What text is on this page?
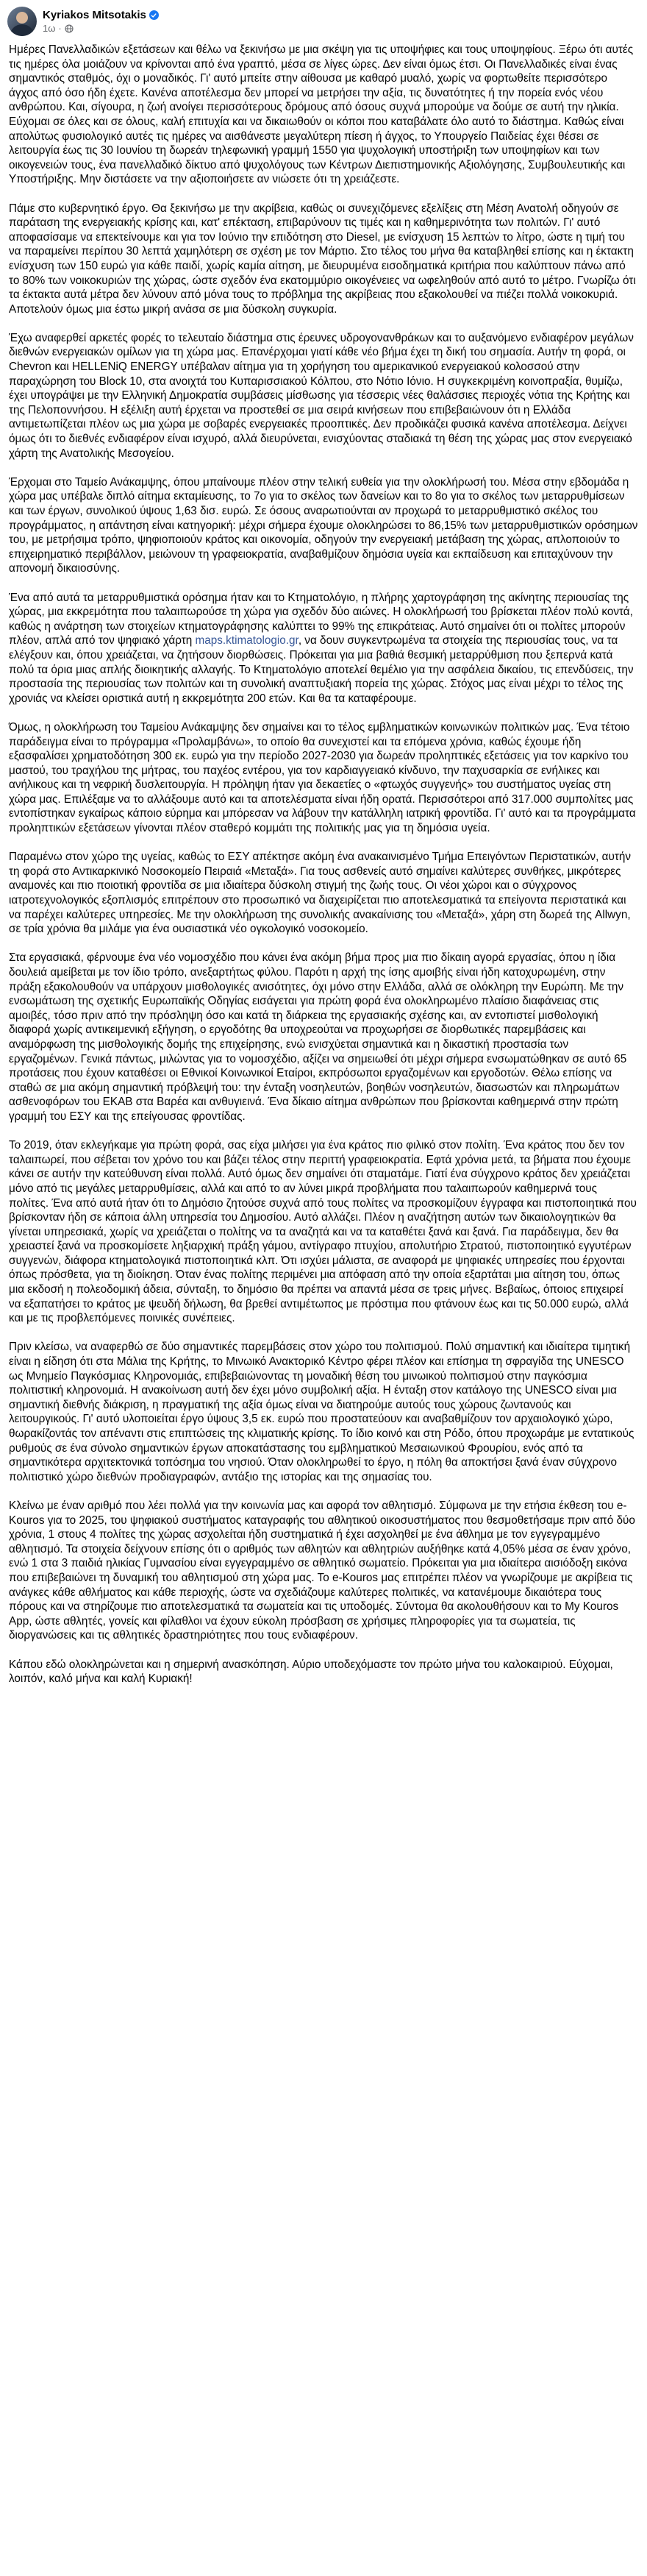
Kyriakos Mitsotakis
1ω ·

Ημέρες Πανελλαδικών εξετάσεων και θέλω να ξεκινήσω με μια σκέψη για τις υποψήφιες και τους υποψηφίους. Ξέρω ότι αυτές τις ημέρες όλα μοιάζουν να κρίνονται από ένα γραπτό, μέσα σε λίγες ώρες. Δεν είναι όμως έτσι. Οι Πανελλαδικές είναι ένας σημαντικός σταθμός, όχι ο μοναδικός. Γι' αυτό μπείτε στην αίθουσα με καθαρό μυαλό, χωρίς να φορτωθείτε περισσότερο άγχος από όσο ήδη έχετε. Κανένα αποτέλεσμα δεν μπορεί να μετρήσει την αξία, τις δυνατότητες ή την πορεία ενός νέου ανθρώπου. Και, σίγουρα, η ζωή ανοίγει περισσότερους δρόμους από όσους συχνά μπορούμε να δούμε σε αυτή την ηλικία. Εύχομαι σε όλες και σε όλους, καλή επιτυχία και να δικαιωθούν οι κόποι που καταβάλατε όλο αυτό το διάστημα. Καθώς είναι απολύτως φυσιολογικό αυτές τις ημέρες να αισθάνεστε μεγαλύτερη πίεση ή άγχος, το Υπουργείο Παιδείας έχει θέσει σε λειτουργία έως τις 30 Ιουνίου τη δωρεάν τηλεφωνική γραμμή 1550 για ψυχολογική υποστήριξη των υποψηφίων και των οικογενειών τους, ένα πανελλαδικό δίκτυο από ψυχολόγους των Κέντρων Διεπιστημονικής Αξιολόγησης, Συμβουλευτικής και Υποστήριξης. Μην διστάσετε να την αξιοποιήσετε αν νιώσετε ότι τη χρειάζεστε.

Πάμε στο κυβερνητικό έργο. Θα ξεκινήσω με την ακρίβεια, καθώς οι συνεχιζόμενες εξελίξεις στη Μέση Ανατολή οδηγούν σε παράταση της ενεργειακής κρίσης και, κατ' επέκταση, επιβαρύνουν τις τιμές και η καθημερινότητα των πολιτών. Γι' αυτό αποφασίσαμε να επεκτείνουμε και για τον Ιούνιο την επιδότηση στο Diesel, με ενίσχυση 15 λεπτών το λίτρο, ώστε η τιμή του να παραμείνει περίπου 30 λεπτά χαμηλότερη σε σχέση με τον Μάρτιο. Στο τέλος του μήνα θα καταβληθεί επίσης και η έκτακτη ενίσχυση των 150 ευρώ για κάθε παιδί, χωρίς καμία αίτηση, με διευρυμένα εισοδηματικά κριτήρια που καλύπτουν πάνω από το 80% των νοικοκυριών της χώρας, ώστε σχεδόν ένα εκατομμύριο οικογένειες να ωφεληθούν από αυτό το μέτρο. Γνωρίζω ότι τα έκτακτα αυτά μέτρα δεν λύνουν από μόνα τους το πρόβλημα της ακρίβειας που εξακολουθεί να πιέζει πολλά νοικοκυριά. Αποτελούν όμως μια έστω μικρή ανάσα σε μια δύσκολη συγκυρία.

Έχω αναφερθεί αρκετές φορές το τελευταίο διάστημα στις έρευνες υδρογονανθράκων και το αυξανόμενο ενδιαφέρον μεγάλων διεθνών ενεργειακών ομίλων για τη χώρα μας. Επανέρχομαι γιατί κάθε νέο βήμα έχει τη δική του σημασία. Αυτήν τη φορά, οι Chevron και HELLENiQ ENERGY υπέβαλαν αίτημα για τη χορήγηση του αμερικανικού ενεργειακού κολοσσού στην παραχώρηση του Block 10, στα ανοιχτά του Κυπαρισσιακού Κόλπου, στο Νότιο Ιόνιο. Η συγκεκριμένη κοινοπραξία, θυμίζω, έχει υπογράψει με την Ελληνική Δημοκρατία συμβάσεις μίσθωσης για τέσσερις νέες θαλάσσιες περιοχές νότια της Κρήτης και της Πελοποννήσου. Η εξέλιξη αυτή έρχεται να προστεθεί σε μια σειρά κινήσεων που επιβεβαιώνουν ότι η Ελλάδα αντιμετωπίζεται πλέον ως μια χώρα με σοβαρές ενεργειακές προοπτικές. Δεν προδικάζει φυσικά κανένα αποτέλεσμα. Δείχνει όμως ότι το διεθνές ενδιαφέρον είναι ισχυρό, αλλά διευρύνεται, ενισχύοντας σταδιακά τη θέση της χώρας μας στον ενεργειακό χάρτη της Ανατολικής Μεσογείου.

Έρχομαι στο Ταμείο Ανάκαμψης, όπου μπαίνουμε πλέον στην τελική ευθεία για την ολοκλήρωσή του. Μέσα στην εβδομάδα η χώρα μας υπέβαλε διπλό αίτημα εκταμίευσης, το 7ο για το σκέλος των δανείων και το 8ο για το σκέλος των μεταρρυθμίσεων και των έργων, συνολικού ύψους 1,63 δισ. ευρώ. Σε όσους αναρωτιούνται αν προχωρά το μεταρρυθμιστικό σκέλος του προγράμματος, η απάντηση είναι κατηγορική: μέχρι σήμερα έχουμε ολοκληρώσει το 86,15% των μεταρρυθμιστικών ορόσημων του, με μετρήσιμα τρόπο, ψηφιοποιούν κράτος και οικονομία, οδηγούν την ενεργειακή μετάβαση της χώρας, απλοποιούν το επιχειρηματικό περιβάλλον, μειώνουν τη γραφειοκρατία, αναβαθμίζουν δημόσια υγεία και εκπαίδευση και επιταχύνουν την απονομή δικαιοσύνης.

Ένα από αυτά τα μεταρρυθμιστικά ορόσημα ήταν και το Κτηματολόγιο, η πλήρης χαρτογράφηση της ακίνητης περιουσίας της χώρας, μια εκκρεμότητα που ταλαιπωρούσε τη χώρα για σχεδόν δύο αιώνες. Η ολοκλήρωσή του βρίσκεται πλέον πολύ κοντά, καθώς η ανάρτηση των στοιχείων κτηματογράφησης καλύπτει το 99% της επικράτειας. Αυτό σημαίνει ότι οι πολίτες μπορούν πλέον, απλά από τον ψηφιακό χάρτη maps.ktimatologio.gr, να δουν συγκεντρωμένα τα στοιχεία της περιουσίας τους, να τα ελέγξουν και, όπου χρειάζεται, να ζητήσουν διορθώσεις. Πρόκειται για μια βαθιά θεσμική μεταρρύθμιση που ξεπερνά κατά πολύ τα όρια μιας απλής διοικητικής αλλαγής. Το Κτηματολόγιο αποτελεί θεμέλιο για την ασφάλεια δικαίου, τις επενδύσεις, την προστασία της περιουσίας των πολιτών και τη συνολική αναπτυξιακή πορεία της χώρας. Στόχος μας είναι μέχρι το τέλος της χρονιάς να κλείσει οριστικά αυτή η εκκρεμότητα 200 ετών. Και θα τα καταφέρουμε.

Όμως, η ολοκλήρωση του Ταμείου Ανάκαμψης δεν σημαίνει και το τέλος εμβληματικών κοινωνικών πολιτικών μας. Ένα τέτοιο παράδειγμα είναι το πρόγραμμα «Προλαμβάνω», το οποίο θα συνεχιστεί και τα επόμενα χρόνια, καθώς έχουμε ήδη εξασφαλίσει χρηματοδότηση 300 εκ. ευρώ για την περίοδο 2027-2030 για δωρεάν προληπτικές εξετάσεις για τον καρκίνο του μαστού, του τραχήλου της μήτρας, του παχέος εντέρου, για τον καρδιαγγειακό κίνδυνο, την παχυσαρκία σε ενήλικες και ανήλικους και τη νεφρική δυσλειτουργία. Η πρόληψη ήταν για δεκαετίες ο «φτωχός συγγενής» του συστήματος υγείας στη χώρα μας. Επιλέξαμε να το αλλάξουμε αυτό και τα αποτελέσματα είναι ήδη ορατά. Περισσότεροι από 317.000 συμπολίτες μας εντοπίστηκαν εγκαίρως κάποιο εύρημα και μπόρεσαν να λάβουν την κατάλληλη ιατρική φροντίδα. Γι' αυτό και τα προγράμματα προληπτικών εξετάσεων γίνονται πλέον σταθερό κομμάτι της πολιτικής μας για τη δημόσια υγεία.

Παραμένω στον χώρο της υγείας, καθώς το ΕΣΥ απέκτησε ακόμη ένα ανακαινισμένο Τμήμα Επειγόντων Περιστατικών, αυτήν τη φορά στο Αντικαρκινικό Νοσοκομείο Πειραιά «Μεταξά». Για τους ασθενείς αυτό σημαίνει καλύτερες συνθήκες, μικρότερες αναμονές και πιο ποιοτική φροντίδα σε μια ιδιαίτερα δύσκολη στιγμή της ζωής τους. Οι νέοι χώροι και ο σύγχρονος ιατροτεχνολογικός εξοπλισμός επιτρέπουν στο προσωπικό να διαχειρίζεται πιο αποτελεσματικά τα επείγοντα περιστατικά και να παρέχει καλύτερες υπηρεσίες. Με την ολοκλήρωση της συνολικής ανακαίνισης του «Μεταξά», χάρη στη δωρεά της Allwyn, σε τρία χρόνια θα μιλάμε για ένα ουσιαστικά νέο ογκολογικό νοσοκομείο.

Στα εργασιακά, φέρνουμε ένα νέο νομοσχέδιο που κάνει ένα ακόμη βήμα προς μια πιο δίκαιη αγορά εργασίας, όπου η ίδια δουλειά αμείβεται με τον ίδιο τρόπο, ανεξαρτήτως φύλου. Παρότι η αρχή της ίσης αμοιβής είναι ήδη κατοχυρωμένη, στην πράξη εξακολουθούν να υπάρχουν μισθολογικές ανισότητες, όχι μόνο στην Ελλάδα, αλλά σε ολόκληρη την Ευρώπη. Με την ενσωμάτωση της σχετικής Ευρωπαϊκής Οδηγίας εισάγεται για πρώτη φορά ένα ολοκληρωμένο πλαίσιο διαφάνειας στις αμοιβές, τόσο πριν από την πρόσληψη όσο και κατά τη διάρκεια της εργασιακής σχέσης και, αν εντοπιστεί μισθολογική διαφορά χωρίς αντικειμενική εξήγηση, ο εργοδότης θα υποχρεούται να προχωρήσει σε διορθωτικές παρεμβάσεις και αναμόρφωση της μισθολογικής δομής της επιχείρησης, ενώ ενισχύεται σημαντικά και η δικαστική προστασία των εργαζομένων. Γενικά πάντως, μιλώντας για το νομοσχέδιο, αξίζει να σημειωθεί ότι μέχρι σήμερα ενσωματώθηκαν σε αυτό 65 προτάσεις που έχουν καταθέσει οι Εθνικοί Κοινωνικοί Εταίροι, εκπρόσωποι εργαζομένων και εργοδοτών. Θέλω επίσης να σταθώ σε μια ακόμη σημαντική πρόβλεψή του: την ένταξη νοσηλευτών, βοηθών νοσηλευτών, διασωστών και πληρωμάτων ασθενοφόρων του ΕΚΑΒ στα Βαρέα και ανθυγιεινά. Ένα δίκαιο αίτημα ανθρώπων που βρίσκονται καθημερινά στην πρώτη γραμμή του ΕΣΥ και της επείγουσας φροντίδας.

Το 2019, όταν εκλεγήκαμε για πρώτη φορά, σας είχα μιλήσει για ένα κράτος πιο φιλικό στον πολίτη. Ένα κράτος που δεν τον ταλαιπωρεί, που σέβεται τον χρόνο του και βάζει τέλος στην περιττή γραφειοκρατία. Εφτά χρόνια μετά, τα βήματα που έχουμε κάνει σε αυτήν την κατεύθυνση είναι πολλά. Αυτό όμως δεν σημαίνει ότι σταματάμε. Γιατί ένα σύγχρονο κράτος δεν χρειάζεται μόνο από τις μεγάλες μεταρρυθμίσεις, αλλά και από το αν λύνει μικρά προβλήματα που ταλαιπωρούν καθημερινά τους πολίτες. Ένα από αυτά ήταν ότι το Δημόσιο ζητούσε συχνά από τους πολίτες να προσκομίζουν έγγραφα και πιστοποιητικά που βρίσκονταν ήδη σε κάποια άλλη υπηρεσία του Δημοσίου. Αυτό αλλάζει. Πλέον η αναζήτηση αυτών των δικαιολογητικών θα γίνεται υπηρεσιακά, χωρίς να χρειάζεται ο πολίτης να τα αναζητά και να τα καταθέτει ξανά και ξανά. Για παράδειγμα, δεν θα χρειαστεί ξανά να προσκομίσετε ληξιαρχική πράξη γάμου, αντίγραφο πτυχίου, απολυτήριο Στρατού, πιστοποιητικό εγγυτέρων συγγενών, διάφορα κτηματολογικά πιστοποιητικά κλπ. Ότι ισχύει μάλιστα, σε αναφορά με ψηφιακές υπηρεσίες που έρχονται όπως πρόσθετα, για τη διοίκηση. Όταν ένας πολίτης περιμένει μια απόφαση από την οποία εξαρτάται μια αίτηση του, όπως μια εκδοσή η πολεοδομική άδεια, σύνταξη, το δημόσιο θα πρέπει να απαντά μέσα σε τρεις μήνες. Βεβαίως, όποιος επιχειρεί να εξαπατήσει το κράτος με ψευδή δήλωση, θα βρεθεί αντιμέτωπος με πρόστιμα που φτάνουν έως και τις 50.000 ευρώ, αλλά και με τις προβλεπόμενες ποινικές συνέπειες.

Πριν κλείσω, να αναφερθώ σε δύο σημαντικές παρεμβάσεις στον χώρο του πολιτισμού. Πολύ σημαντική και ιδιαίτερα τιμητική είναι η είδηση ότι στα Μάλια της Κρήτης, το Μινωικό Ανακτορικό Κέντρο φέρει πλέον και επίσημα τη σφραγίδα της UNESCO ως Μνημείο Παγκόσμιας Κληρονομιάς, επιβεβαιώνοντας τη μοναδική θέση του μινωικού πολιτισμού στην παγκόσμια πολιτιστική κληρονομιά. Η ανακοίνωση αυτή δεν έχει μόνο συμβολική αξία. Η ένταξη στον κατάλογο της UNESCO είναι μια σημαντική διεθνής διάκριση, η πραγματική της αξία όμως είναι να διατηρούμε αυτούς τους χώρους ζωντανούς και λειτουργικούς. Γι' αυτό υλοποιείται έργο ύψους 3,5 εκ. ευρώ που προστατεύουν και αναβαθμίζουν τον αρχαιολογικό χώρο, θωρακίζοντάς τον απέναντι στις επιπτώσεις της κλιματικής κρίσης. Το ίδιο κοινό και στη Ρόδο, όπου προχωράμε με εντατικούς ρυθμούς σε ένα σύνολο σημαντικών έργων αποκατάστασης του εμβληματικού Μεσαιωνικού Φρουρίου, ενός από τα σημαντικότερα αρχιτεκτονικά τοπόσημα του νησιού. Όταν ολοκληρωθεί το έργο, η πόλη θα αποκτήσει ξανά έναν σύγχρονο πολιτιστικό χώρο διεθνών προδιαγραφών, αντάξιο της ιστορίας και της σημασίας του.

Κλείνω με έναν αριθμό που λέει πολλά για την κοινωνία μας και αφορά τον αθλητισμό. Σύμφωνα με την ετήσια έκθεση του e-Kouros για το 2025, του ψηφιακού συστήματος καταγραφής του αθλητικού οικοσυστήματος που θεσμοθετήσαμε πριν από δύο χρόνια, 1 στους 4 πολίτες της χώρας ασχολείται ήδη συστηματικά ή έχει ασχοληθεί με ένα άθλημα με τον εγγεγραμμένο αθλητισμό. Τα στοιχεία δείχνουν επίσης ότι ο αριθμός των αθλητών και αθλητριών αυξήθηκε κατά 4,05% μέσα σε έναν χρόνο, ενώ 1 στα 3 παιδιά ηλικίας Γυμνασίου είναι εγγεγραμμένο σε αθλητικό σωματείο. Πρόκειται για μια ιδιαίτερα αισιόδοξη εικόνα που επιβεβαιώνει τη δυναμική του αθλητισμού στη χώρα μας. Το e-Kouros μας επιτρέπει πλέον να γνωρίζουμε με ακρίβεια τις ανάγκες κάθε αθλήματος και κάθε περιοχής, ώστε να σχεδιάζουμε καλύτερες πολιτικές, να κατανέμουμε δικαιότερα τους πόρους και να στηρίζουμε πιο αποτελεσματικά τα σωματεία και τις υποδομές. Σύντομα θα ακολουθήσουν και το My Kouros App, ώστε αθλητές, γονείς και φίλαθλοι να έχουν εύκολη πρόσβαση σε χρήσιμες πληροφορίες για τα σωματεία, τις διοργανώσεις και τις αθλητικές δραστηριότητες που τους ενδιαφέρουν.

Κάπου εδώ ολοκληρώνεται και η σημερινή ανασκόπηση. Αύριο υποδεχόμαστε τον πρώτο μήνα του καλοκαιριού. Εύχομαι, λοιπόν, καλό μήνα και καλή Κυριακή!
